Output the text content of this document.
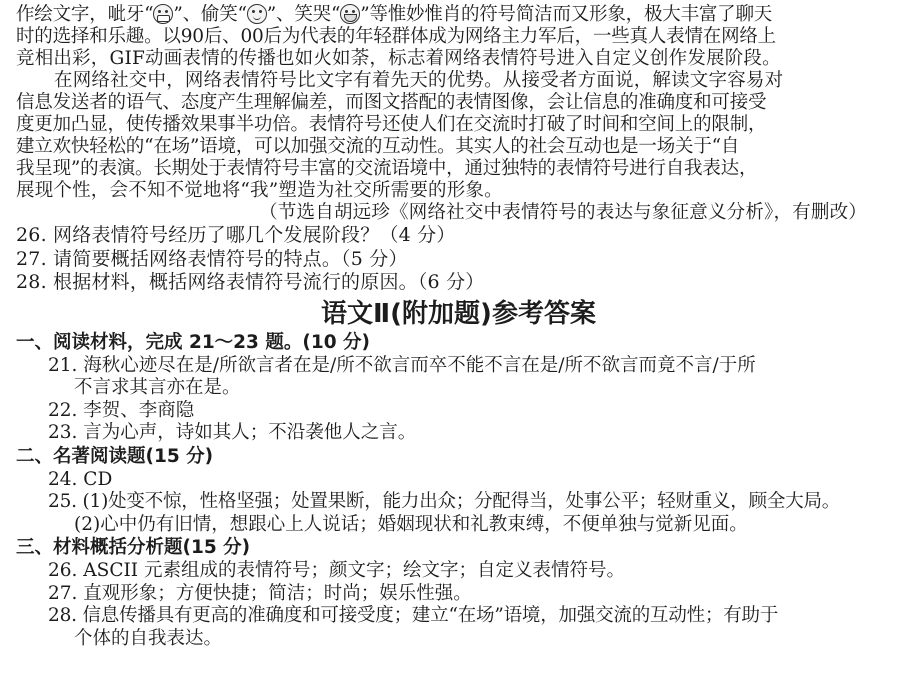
作绘文字，呲牙“ ”、偷笑“ ”、笑哭“ ”等惟妙惟肖的符号简洁而又形象，极大丰富了聊天
时的选择和乐趣。以90后、00后为代表的年轻群体成为网络主力军后，一些真人表情在网络上
竞相出彩，GIF动画表情的传播也如火如荼，标志着网络表情符号进入自定义创作发展阶段。
在网络社交中，网络表情符号比文字有着先天的优势。从接受者方面说，解读文字容易对
信息发送者的语气、态度产生理解偏差，而图文搭配的表情图像，会让信息的准确度和可接受
度更加凸显，使传播效果事半功倍。表情符号还使人们在交流时打破了时间和空间上的限制，
建立欢快轻松的“在场”语境，可以加强交流的互动性。其实人的社会互动也是一场关于“自
我呈现”的表演。长期处于表情符号丰富的交流语境中，通过独特的表情符号进行自我表达，
展现个性，会不知不觉地将“我”塑造为社交所需要的形象。
（节选自胡远珍《网络社交中表情符号的表达与象征意义分析》，有删改）
26. 网络表情符号经历了哪几个发展阶段？（4 分）
27. 请简要概括网络表情符号的特点。（5 分）
28. 根据材料，概括网络表情符号流行的原因。（6 分）
语文Ⅱ(附加题)参考答案
一、阅读材料，完成 21～23 题。(10 分)
21. 海秋心迹尽在是/所欲言者在是/所不欲言而卒不能不言在是/所不欲言而竟不言/于所
不言求其言亦在是。
22. 李贺、李商隐
23. 言为心声，诗如其人；不沿袭他人之言。
二、名著阅读题(15 分)
24. CD
25. (1)处变不惊，性格坚强；处置果断，能力出众；分配得当，处事公平；轻财重义，顾全大局。
(2)心中仍有旧情，想跟心上人说话；婚姻现状和礼教束缚，不便单独与觉新见面。
三、材料概括分析题(15 分)
26. ASCII 元素组成的表情符号；颜文字；绘文字；自定义表情符号。
27. 直观形象；方便快捷；简洁；时尚；娱乐性强。
28. 信息传播具有更高的准确度和可接受度；建立“在场”语境，加强交流的互动性；有助于
个体的自我表达。
